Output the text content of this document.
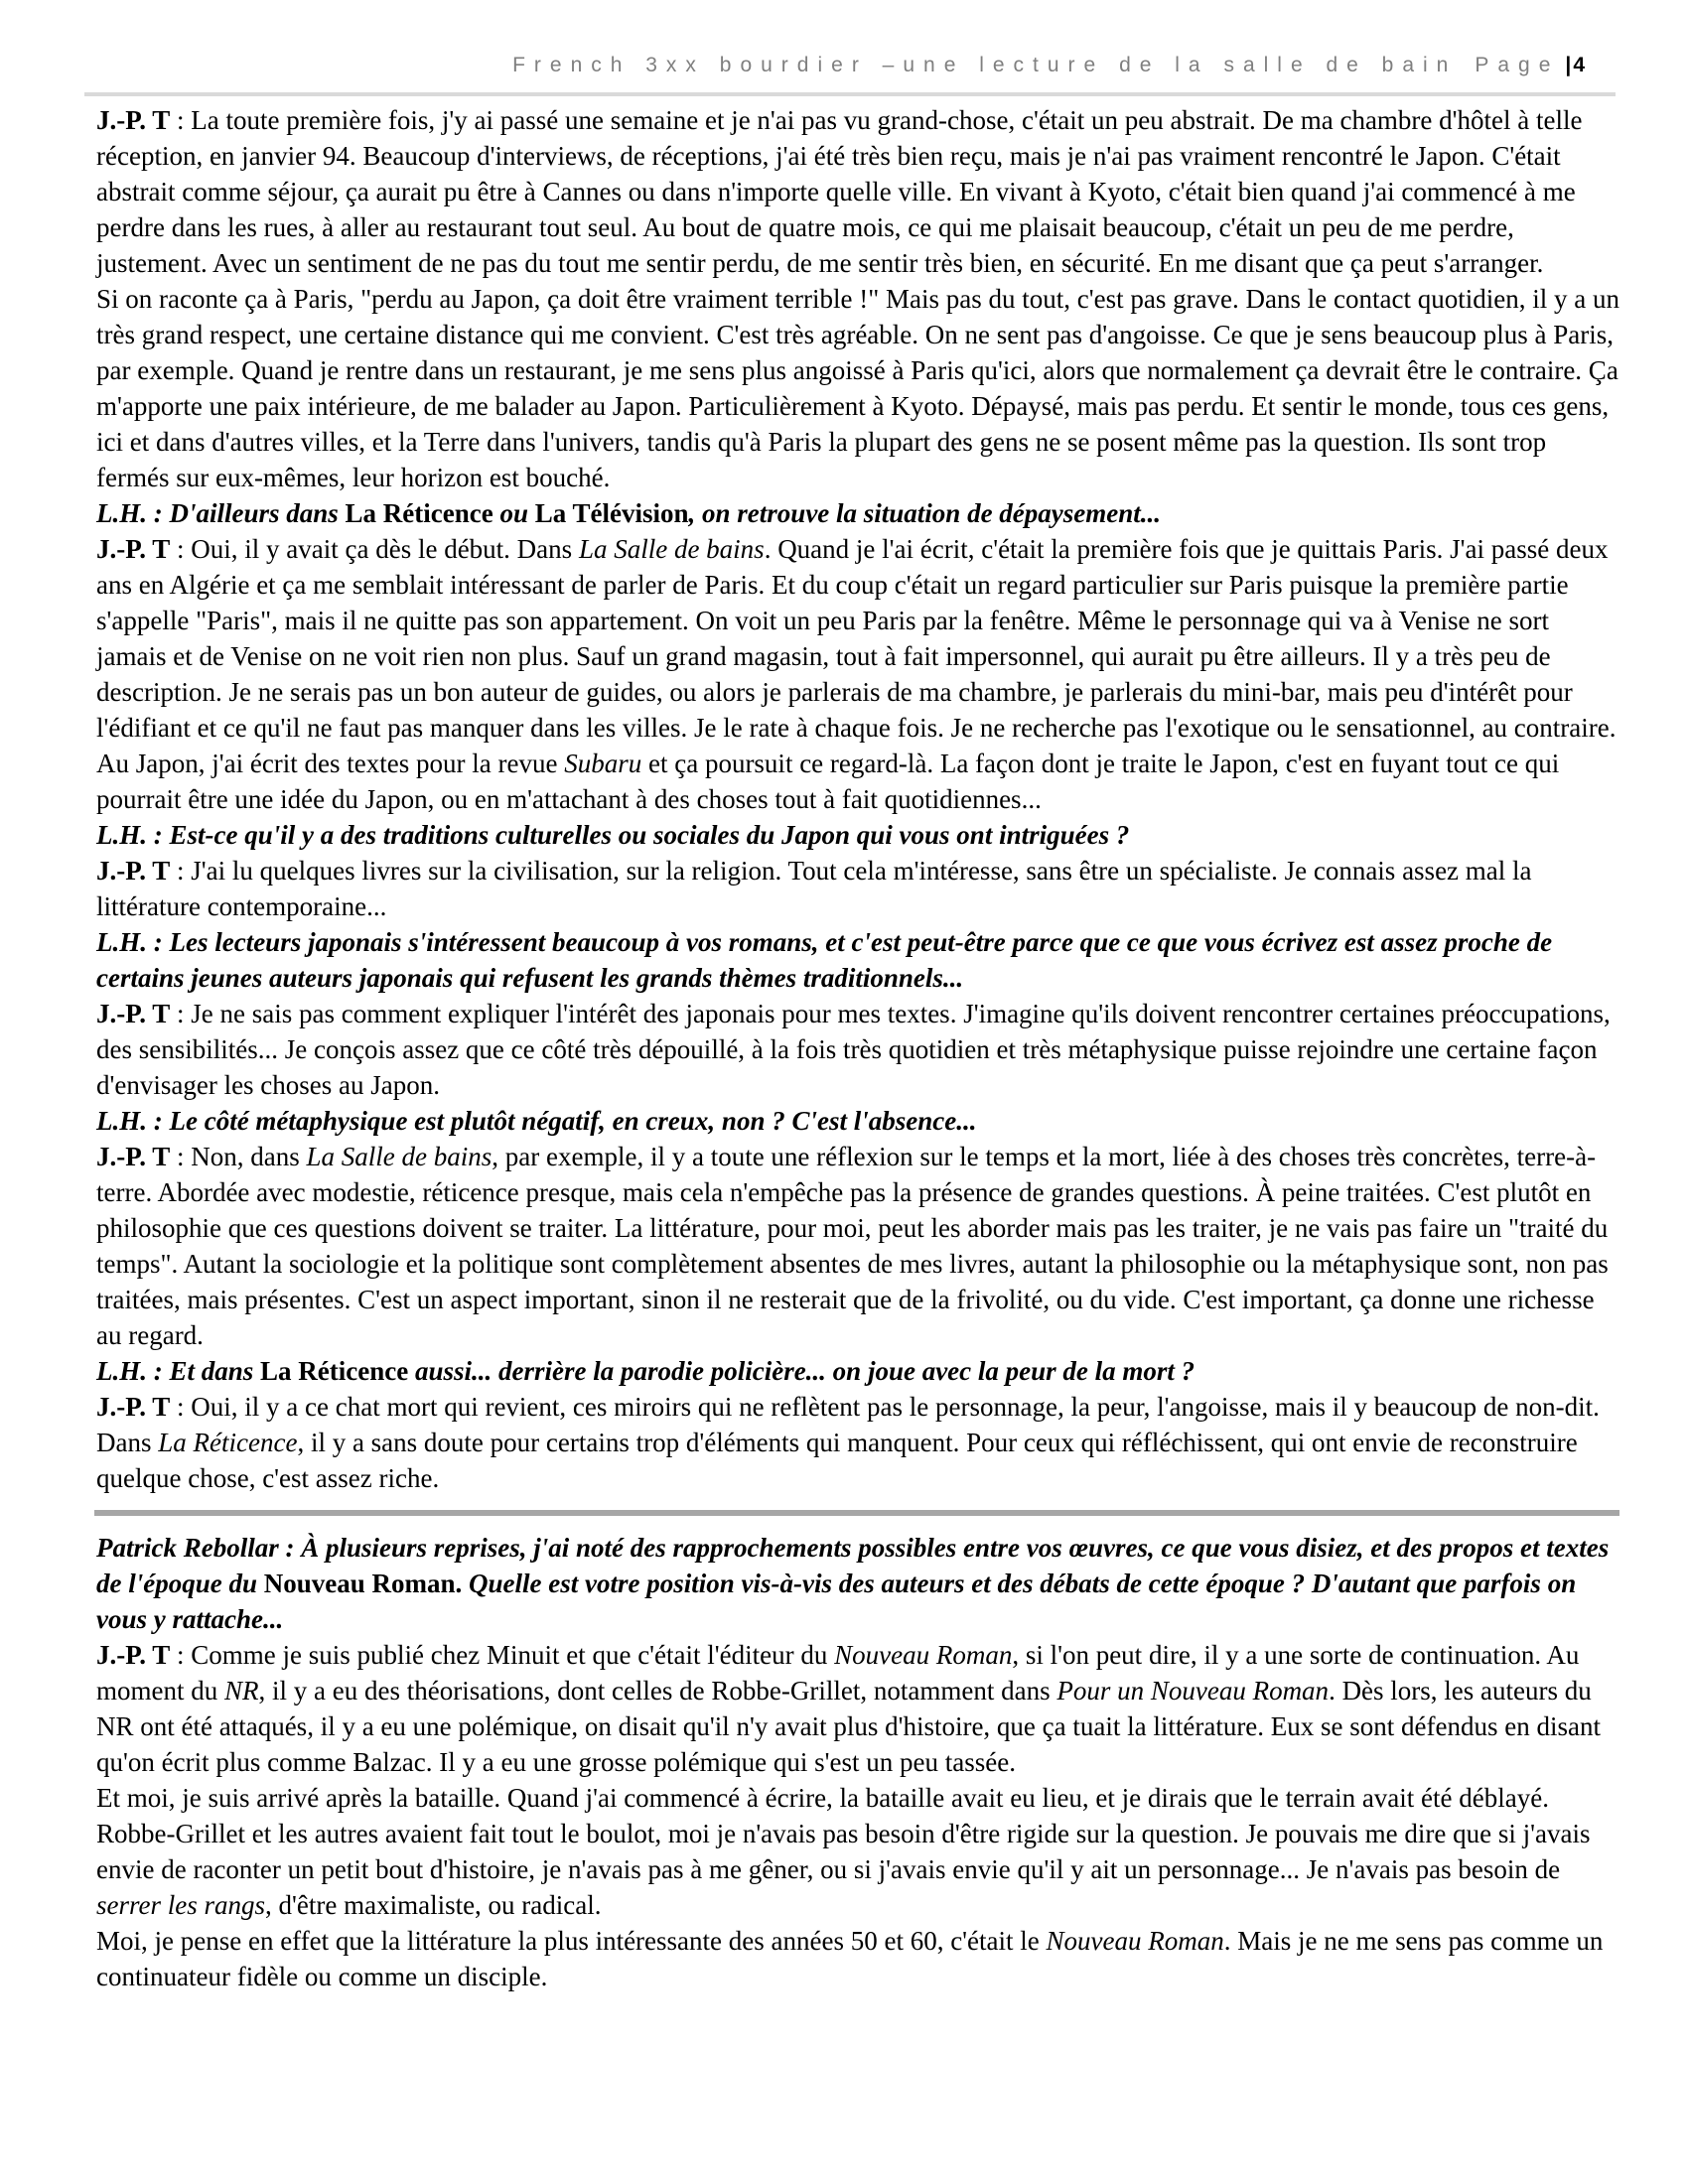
French 3xx bourdier –une lecture de la salle de bain Page |4

J.-P. T : La toute première fois, j'y ai passé une semaine et je n'ai pas vu grand-chose, c'était un peu abstrait. De ma chambre d'hôtel à telle réception, en janvier 94. Beaucoup d'interviews, de réceptions, j'ai été très bien reçu, mais je n'ai pas vraiment rencontré le Japon. C'était abstrait comme séjour, ça aurait pu être à Cannes ou dans n'importe quelle ville. En vivant à Kyoto, c'était bien quand j'ai commencé à me perdre dans les rues, à aller au restaurant tout seul. Au bout de quatre mois, ce qui me plaisait beaucoup, c'était un peu de me perdre, justement. Avec un sentiment de ne pas du tout me sentir perdu, de me sentir très bien, en sécurité. En me disant que ça peut s'arranger.

Si on raconte ça à Paris, "perdu au Japon, ça doit être vraiment terrible !" Mais pas du tout, c'est pas grave. Dans le contact quotidien, il y a un très grand respect, une certaine distance qui me convient. C'est très agréable. On ne sent pas d'angoisse. Ce que je sens beaucoup plus à Paris, par exemple. Quand je rentre dans un restaurant, je me sens plus angoissé à Paris qu'ici, alors que normalement ça devrait être le contraire. Ça m'apporte une paix intérieure, de me balader au Japon. Particulièrement à Kyoto. Dépaysé, mais pas perdu. Et sentir le monde, tous ces gens, ici et dans d'autres villes, et la Terre dans l'univers, tandis qu'à Paris la plupart des gens ne se posent même pas la question. Ils sont trop fermés sur eux-mêmes, leur horizon est bouché.

L.H. : D'ailleurs dans La Réticence ou La Télévision, on retrouve la situation de dépaysement...

J.-P. T : Oui, il y avait ça dès le début. Dans La Salle de bains. Quand je l'ai écrit, c'était la première fois que je quittais Paris. J'ai passé deux ans en Algérie et ça me semblait intéressant de parler de Paris. Et du coup c'était un regard particulier sur Paris puisque la première partie s'appelle "Paris", mais il ne quitte pas son appartement. On voit un peu Paris par la fenêtre. Même le personnage qui va à Venise ne sort jamais et de Venise on ne voit rien non plus. Sauf un grand magasin, tout à fait impersonnel, qui aurait pu être ailleurs. Il y a très peu de description. Je ne serais pas un bon auteur de guides, ou alors je parlerais de ma chambre, je parlerais du mini-bar, mais peu d'intérêt pour l'édifiant et ce qu'il ne faut pas manquer dans les villes. Je le rate à chaque fois. Je ne recherche pas l'exotique ou le sensationnel, au contraire. Au Japon, j'ai écrit des textes pour la revue Subaru et ça poursuit ce regard-là. La façon dont je traite le Japon, c'est en fuyant tout ce qui pourrait être une idée du Japon, ou en m'attachant à des choses tout à fait quotidiennes...

L.H. : Est-ce qu'il y a des traditions culturelles ou sociales du Japon qui vous ont intriguées ?

J.-P. T : J'ai lu quelques livres sur la civilisation, sur la religion. Tout cela m'intéresse, sans être un spécialiste. Je connais assez mal la littérature contemporaine...

L.H. : Les lecteurs japonais s'intéressent beaucoup à vos romans, et c'est peut-être parce que ce que vous écrivez est assez proche de certains jeunes auteurs japonais qui refusent les grands thèmes traditionnels...

J.-P. T : Je ne sais pas comment expliquer l'intérêt des japonais pour mes textes. J'imagine qu'ils doivent rencontrer certaines préoccupations, des sensibilités... Je conçois assez que ce côté très dépouillé, à la fois très quotidien et très métaphysique puisse rejoindre une certaine façon d'envisager les choses au Japon.

L.H. : Le côté métaphysique est plutôt négatif, en creux, non ? C'est l'absence...

J.-P. T : Non, dans La Salle de bains, par exemple, il y a toute une réflexion sur le temps et la mort, liée à des choses très concrètes, terre-à-terre. Abordée avec modestie, réticence presque, mais cela n'empêche pas la présence de grandes questions. À peine traitées. C'est plutôt en philosophie que ces questions doivent se traiter. La littérature, pour moi, peut les aborder mais pas les traiter, je ne vais pas faire un "traité du temps". Autant la sociologie et la politique sont complètement absentes de mes livres, autant la philosophie ou la métaphysique sont, non pas traitées, mais présentes. C'est un aspect important, sinon il ne resterait que de la frivolité, ou du vide. C'est important, ça donne une richesse au regard.

L.H. : Et dans La Réticence aussi... derrière la parodie policière... on joue avec la peur de la mort ?

J.-P. T : Oui, il y a ce chat mort qui revient, ces miroirs qui ne reflètent pas le personnage, la peur, l'angoisse, mais il y beaucoup de non-dit. Dans La Réticence, il y a sans doute pour certains trop d'éléments qui manquent. Pour ceux qui réfléchissent, qui ont envie de reconstruire quelque chose, c'est assez riche.

Patrick Rebollar : À plusieurs reprises, j'ai noté des rapprochements possibles entre vos œuvres, ce que vous disiez, et des propos et textes de l'époque du Nouveau Roman. Quelle est votre position vis-à-vis des auteurs et des débats de cette époque ? D'autant que parfois on vous y rattache...

J.-P. T : Comme je suis publié chez Minuit et que c'était l'éditeur du Nouveau Roman, si l'on peut dire, il y a une sorte de continuation. Au moment du NR, il y a eu des théorisations, dont celles de Robbe-Grillet, notamment dans Pour un Nouveau Roman. Dès lors, les auteurs du NR ont été attaqués, il y a eu une polémique, on disait qu'il n'y avait plus d'histoire, que ça tuait la littérature. Eux se sont défendus en disant qu'on écrit plus comme Balzac. Il y a eu une grosse polémique qui s'est un peu tassée.

Et moi, je suis arrivé après la bataille. Quand j'ai commencé à écrire, la bataille avait eu lieu, et je dirais que le terrain avait été déblayé. Robbe-Grillet et les autres avaient fait tout le boulot, moi je n'avais pas besoin d'être rigide sur la question. Je pouvais me dire que si j'avais envie de raconter un petit bout d'histoire, je n'avais pas à me gêner, ou si j'avais envie qu'il y ait un personnage... Je n'avais pas besoin de serrer les rangs, d'être maximaliste, ou radical.

Moi, je pense en effet que la littérature la plus intéressante des années 50 et 60, c'était le Nouveau Roman. Mais je ne me sens pas comme un continuateur fidèle ou comme un disciple.
